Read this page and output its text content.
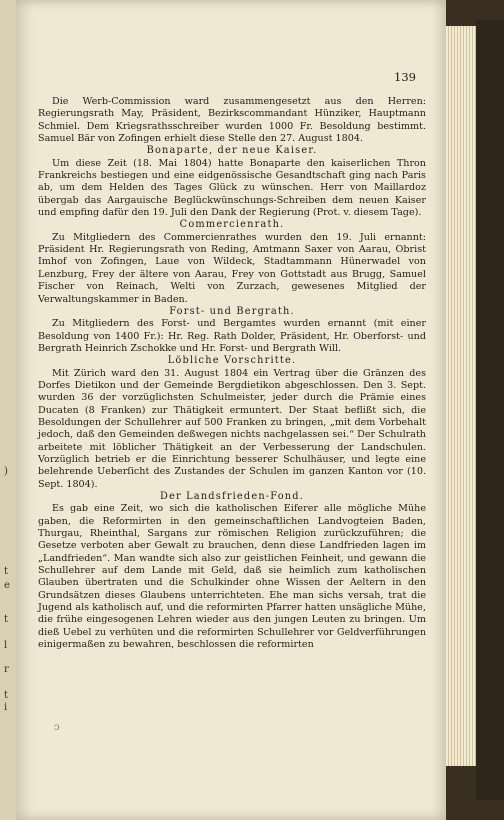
)
t
e
t
l
r
t
i
139

Die Werb-Commission ward zusammengesetzt aus den Herren: Regierungsrath May, Präsident, Bezirkscommandant Hünziker, Hauptmann Schmiel. Dem Kriegsrathsschreiber wurden 1000 Fr. Besoldung bestimmt. Samuel Bär von Zofingen erhielt diese Stelle den 27. August 1804.

Bonaparte, der neue Kaiser.

Um diese Zeit (18. Mai 1804) hatte Bonaparte den kaiserlichen Thron Frankreichs bestiegen und eine eidgenössische Gesandtschaft ging nach Paris ab, um dem Helden des Tages Glück zu wünschen. Herr von Maillardoz übergab das Aargauische Beglückwünschungs-Schreiben dem neuen Kaiser und empfing dafür den 19. Juli den Dank der Regierung (Prot. v. diesem Tage).

Commercienrath.

Zu Mitgliedern des Commercienrathes wurden den 19. Juli ernannt: Präsident Hr. Regierungsrath von Reding, Amtmann Saxer von Aarau, Obrist Imhof von Zofingen, Laue von Wildeck, Stadtammann Hünerwadel von Lenzburg, Frey der ältere von Aarau, Frey von Gottstadt aus Brugg, Samuel Fischer von Reinach, Welti von Zurzach, gewesenes Mitglied der Verwaltungskammer in Baden.

Forst- und Bergrath.

Zu Mitgliedern des Forst- und Bergamtes wurden ernannt (mit einer Besoldung von 1400 Fr.): Hr. Reg. Rath Dolder, Präsident, Hr. Oberforst- und Bergrath Heinrich Zschokke und Hr. Forst- und Bergrath Will.

Löbliche Vorschritte.

Mit Zürich ward den 31. August 1804 ein Vertrag über die Gränzen des Dorfes Dietikon und der Gemeinde Bergdietikon abgeschlossen. Den 3. Sept. wurden 36 der vorzüglichsten Schulmeister, jeder durch die Prämie eines Ducaten (8 Franken) zur Thätigkeit ermuntert. Der Staat beflißt sich, die Besoldungen der Schullehrer auf 500 Franken zu bringen, „mit dem Vorbehalt jedoch, daß den Gemeinden deßwegen nichts nachgelassen sei.“ Der Schulrath arbeitete mit löblicher Thätigkeit an der Verbesserung der Landschulen. Vorzüglich betrieb er die Einrichtung besserer Schulhäuser, und legte eine belehrende Ueberſicht des Zustandes der Schulen im ganzen Kanton vor (10. Sept. 1804).

Der Landsfrieden-Fond.

Es gab eine Zeit, wo sich die katholischen Eiferer alle mögliche Mühe gaben, die Reformirten in den gemeinschaftlichen Landvogteien Baden, Thurgau, Rheinthal, Sargans zur römischen Religion zurückzuführen; die Gesetze verboten aber Gewalt zu brauchen, denn diese Landfrieden lagen im „Landfrieden“. Man wandte sich also zur geistlichen Feinheit, und gewann die Schullehrer auf dem Lande mit Geld, daß sie heimlich zum katholischen Glauben übertraten und die Schulkinder ohne Wissen der Aeltern in den Grundsätzen dieses Glaubens unterrichteten. Ehe man sichs versah, trat die Jugend als katholisch auf, und die reformirten Pfarrer hatten unsägliche Mühe, die frühe eingesogenen Lehren wieder aus den jungen Leuten zu bringen. Um dieß Uebel zu verhüten und die reformirten Schullehrer vor Geldverführungen einigermaßen zu bewahren, beschlossen die reformirten

ↄ
